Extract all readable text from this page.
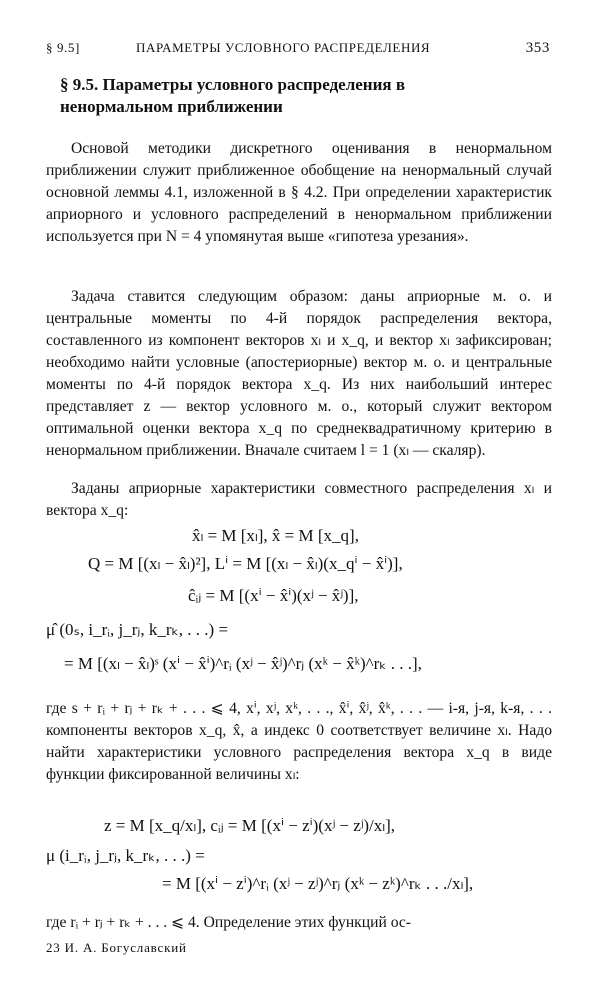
§ 9.5]	ПАРАМЕТРЫ УСЛОВНОГО РАСПРЕДЕЛЕНИЯ	353
§ 9.5. Параметры условного распределения в ненормальном приближении

Основой методики дискретного оценивания в ненормальном приближении служит приближенное обобщение на ненормальный случай основной леммы 4.1, изложенной в § 4.2. При определении характеристик априорного и условного распределений в ненормальном приближении используется при N = 4 упомянутая выше «гипотеза урезания».

Задача ставится следующим образом: даны априорные м. о. и центральные моменты по 4-й порядок распределения вектора, составленного из компонент векторов xₗ и x_q, и вектор xₗ зафиксирован; необходимо найти условные (апостериорные) вектор м. о. и центральные моменты по 4-й порядок вектора x_q. Из них наибольший интерес представляет z — вектор условного м. о., который служит вектором оптимальной оценки вектора x_q по среднеквадратичному критерию в ненормальном приближении. Вначале считаем l = 1 (xₗ — скаляр).

Заданы априорные характеристики совместного распределения xₗ и вектора x_q:

x̂ₗ = M [xₗ], x̂ = M [x_q],
Q = M [(xₗ − x̂ₗ)²], Lⁱ = M [(xₗ − x̂ₗ)(x_qⁱ − x̂ⁱ)],
ĉᵢⱼ = M [(xⁱ − x̂ⁱ)(xʲ − x̂ʲ)],
μ̂ (0ₛ, i_rᵢ, j_rⱼ, k_rₖ, . . .) =
= M [(xₗ − x̂ₗ)ˢ (xⁱ − x̂ⁱ)^rᵢ (xʲ − x̂ʲ)^rⱼ (xᵏ − x̂ᵏ)^rₖ . . .],

где s + rᵢ + rⱼ + rₖ + . . . ⩽ 4, xⁱ, xʲ, xᵏ, . . ., x̂ⁱ, x̂ʲ, x̂ᵏ, . . . — i-я, j-я, k-я, . . . компоненты векторов x_q, x̂, а индекс 0 соответствует величине xₗ. Надо найти характеристики условного распределения вектора x_q в виде функции фиксированной величины xₗ:

z = M [x_q/xₗ], cᵢⱼ = M [(xⁱ − zⁱ)(xʲ − zʲ)/xₗ],
μ (i_rᵢ, j_rⱼ, k_rₖ, . . .) =
= M [(xⁱ − zⁱ)^rᵢ (xʲ − zʲ)^rⱼ (xᵏ − zᵏ)^rₖ . . ./xₗ],

где rᵢ + rⱼ + rₖ + . . . ⩽ 4. Определение этих функций ос-

23 И. А. Богуславский
